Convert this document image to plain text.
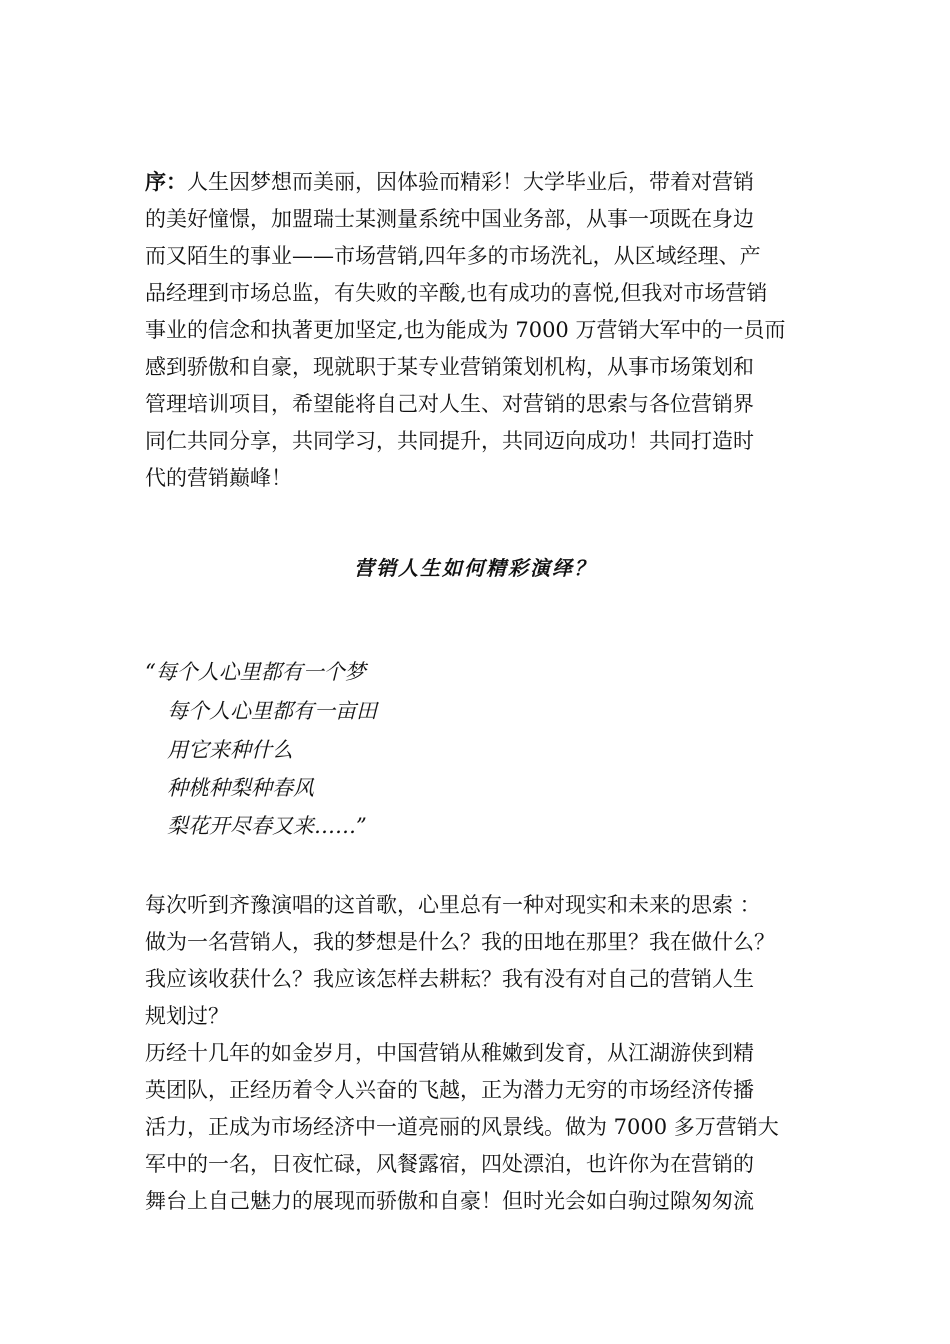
序：人生因梦想而美丽，因体验而精彩！大学毕业后，带着对营销
的美好憧憬，加盟瑞士某测量系统中国业务部，从事一项既在身边
而又陌生的事业——市场营销,四年多的市场洗礼，从区域经理、产
品经理到市场总监，有失败的辛酸,也有成功的喜悦,但我对市场营销
事业的信念和执著更加坚定,也为能成为 7000 万营销大军中的一员而
感到骄傲和自豪，现就职于某专业营销策划机构，从事市场策划和
管理培训项目，希望能将自己对人生、对营销的思索与各位营销界
同仁共同分享，共同学习，共同提升，共同迈向成功！共同打造时
代的营销巅峰！
营销人生如何精彩演绎？
“每个人心里都有一个梦
每个人心里都有一亩田
用它来种什么
种桃种梨种春风
梨花开尽春又来……”
每次听到齐豫演唱的这首歌，心里总有一种对现实和未来的思索 ：
做为一名营销人，我的梦想是什么？我的田地在那里？我在做什么？
我应该收获什么？我应该怎样去耕耘？我有没有对自己的营销人生
规划过？
历经十几年的如金岁月，中国营销从稚嫩到发育，从江湖游侠到精
英团队，正经历着令人兴奋的飞越，正为潜力无穷的市场经济传播
活力，正成为市场经济中一道亮丽的风景线。做为 7000 多万营销大
军中的一名，日夜忙碌，风餐露宿，四处漂泊，也许你为在营销的
舞台上自己魅力的展现而骄傲和自豪！但时光会如白驹过隙匆匆流
